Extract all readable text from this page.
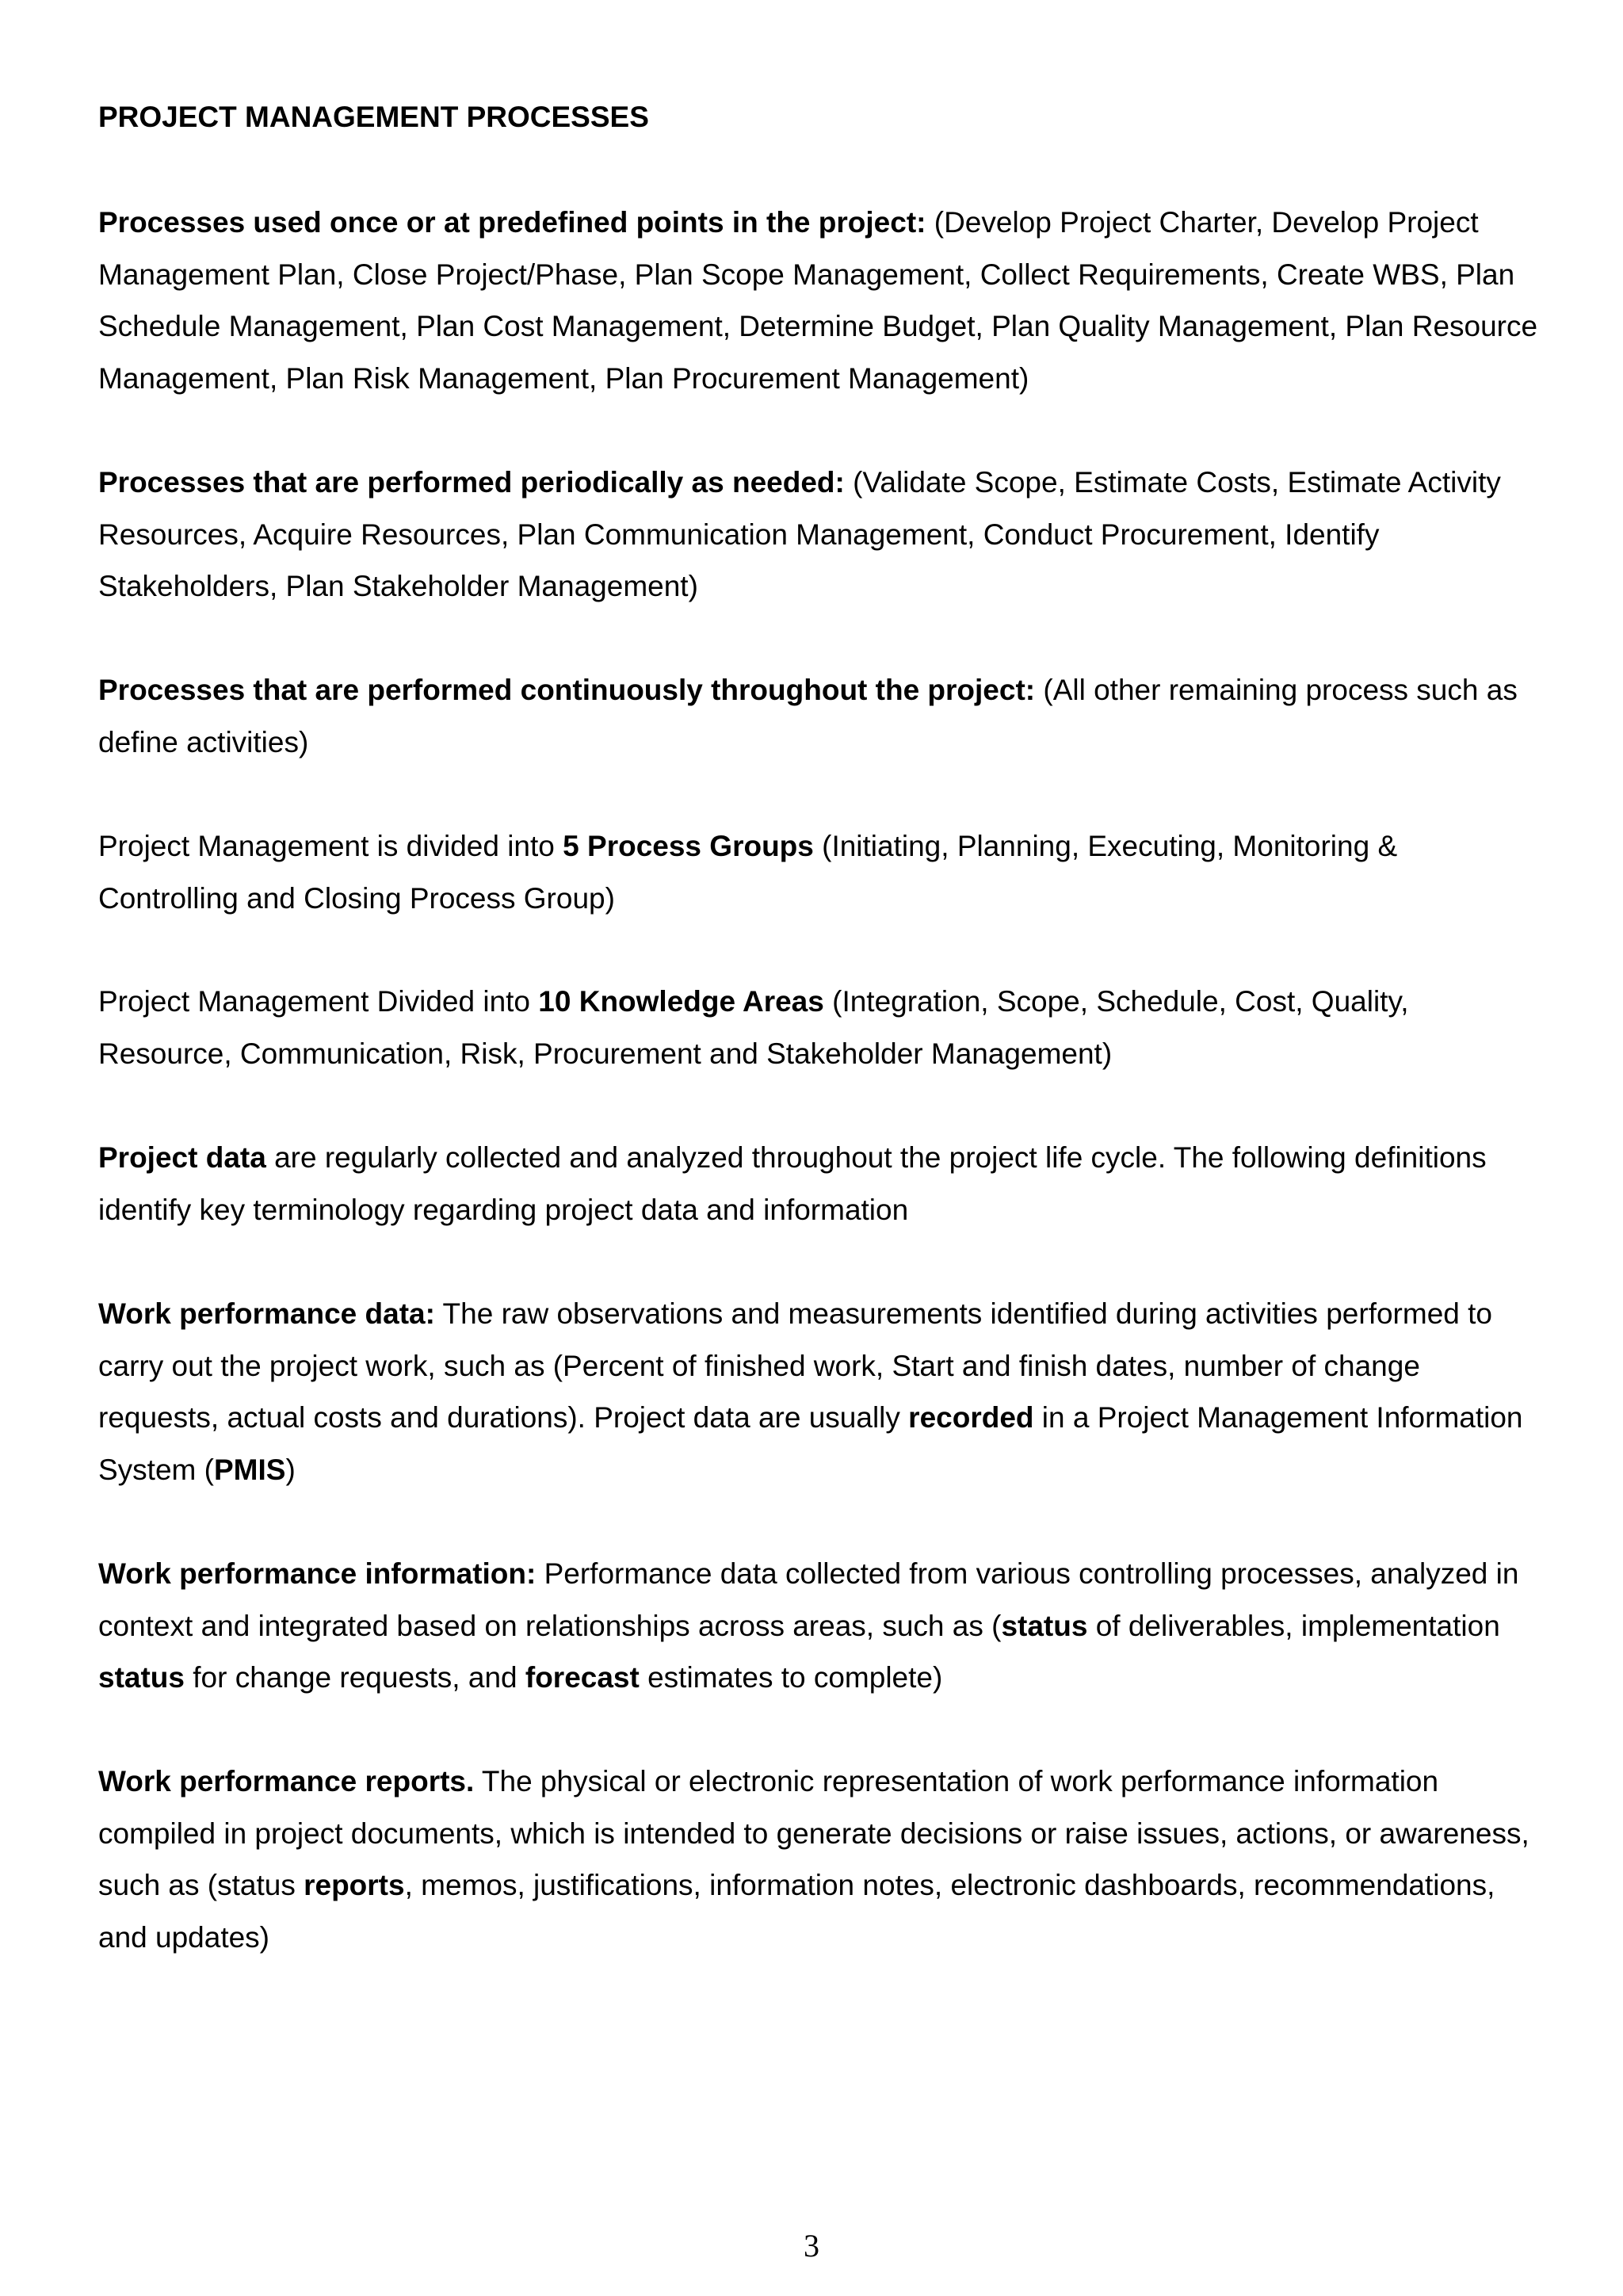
PROJECT MANAGEMENT PROCESSES

Processes used once or at predefined points in the project: (Develop Project Charter, Develop Project Management Plan, Close Project/Phase, Plan Scope Management, Collect Requirements, Create WBS, Plan Schedule Management, Plan Cost Management, Determine Budget, Plan Quality Management, Plan Resource Management, Plan Risk Management, Plan Procurement Management)

Processes that are performed periodically as needed: (Validate Scope, Estimate Costs, Estimate Activity Resources, Acquire Resources, Plan Communication Management, Conduct Procurement, Identify Stakeholders, Plan Stakeholder Management)

Processes that are performed continuously throughout the project: (All other remaining process such as define activities)

Project Management is divided into 5 Process Groups (Initiating, Planning, Executing, Monitoring & Controlling and Closing Process Group)

Project Management Divided into 10 Knowledge Areas (Integration, Scope, Schedule, Cost, Quality, Resource, Communication, Risk, Procurement and Stakeholder Management)

Project data are regularly collected and analyzed throughout the project life cycle. The following definitions identify key terminology regarding project data and information

Work performance data: The raw observations and measurements identified during activities performed to carry out the project work, such as (Percent of finished work, Start and finish dates, number of change requests, actual costs and durations). Project data are usually recorded in a Project Management Information System (PMIS)

Work performance information: Performance data collected from various controlling processes, analyzed in context and integrated based on relationships across areas, such as (status of deliverables, implementation status for change requests, and forecast estimates to complete)

Work performance reports. The physical or electronic representation of work performance information compiled in project documents, which is intended to generate decisions or raise issues, actions, or awareness, such as (status reports, memos, justifications, information notes, electronic dashboards, recommendations, and updates)

3
